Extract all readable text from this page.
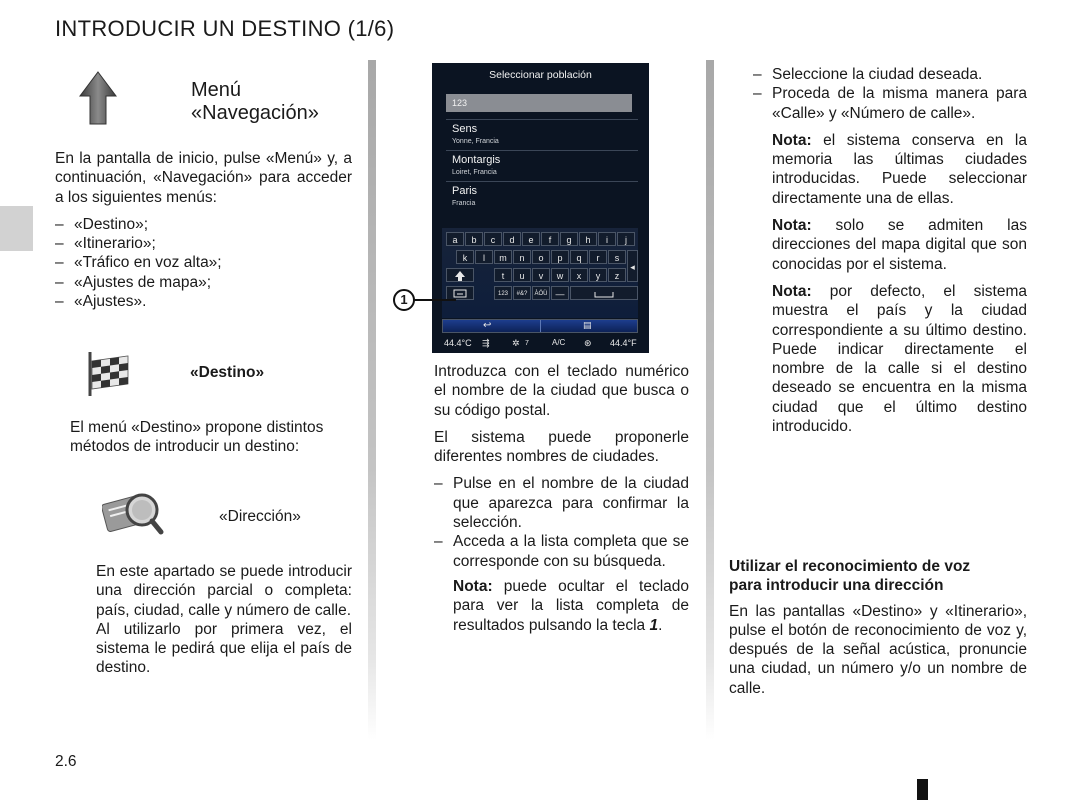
INTRODUCIR UN DESTINO (1/6)
Menú
«Navegación»

En la pantalla de inicio, pulse «Menú» y, a continuación, «Navegación» para acceder a los siguientes menús:

– «Destino»;
– «Itinerario»;
– «Tráfico en voz alta»;
– «Ajustes de mapa»;
– «Ajustes».
«Destino»
El menú «Destino» propone distintos métodos de introducir un destino:
«Dirección»
En este apartado se puede introducir una dirección parcial o completa: país, ciudad, calle y número de calle.
Al utilizarlo por primera vez, el sistema le pedirá que elija el país de destino.
2.6
Seleccionar población
123
Sens
Yonne, Francia
Montargis
Loiret, Francia
Paris
Francia
a	b	c	d	e	f	g	h	i	j
k	l	m	n	o	p	q	r	s
t	u	v	w	x	y	z
◂
123	#&?	ÀÖÜ —
↩	▤
44.4°C ⇶ ✲ 7	A/C ⊛ 44.4°F
1

Introduzca con el teclado numérico el nombre de la ciudad que busca o su código postal.

El sistema puede proponerle diferentes nombres de ciudades.

– Pulse en el nombre de la ciudad que aparezca para confirmar la selección.
– Acceda a la lista completa que se corresponde con su búsqueda.

Nota: puede ocultar el teclado para ver la lista completa de resultados pulsando la tecla 1.

– Seleccione la ciudad deseada.
– Proceda de la misma manera para «Calle» y «Número de calle».

Nota: el sistema conserva en la memoria las últimas ciudades introducidas. Puede seleccionar directamente una de ellas.

Nota: solo se admiten las direcciones del mapa digital que son conocidas por el sistema.

Nota: por defecto, el sistema muestra el país y la ciudad correspondiente a su último destino. Puede indicar directamente el nombre de la calle si el destino deseado se encuentra en la misma ciudad que el último destino introducido.

Utilizar el reconocimiento de voz
para introducir una dirección
En las pantallas «Destino» y «Itinerario», pulse el botón de reconocimiento de voz y, después de la señal acústica, pronuncie una ciudad, un número y/o un nombre de calle.
